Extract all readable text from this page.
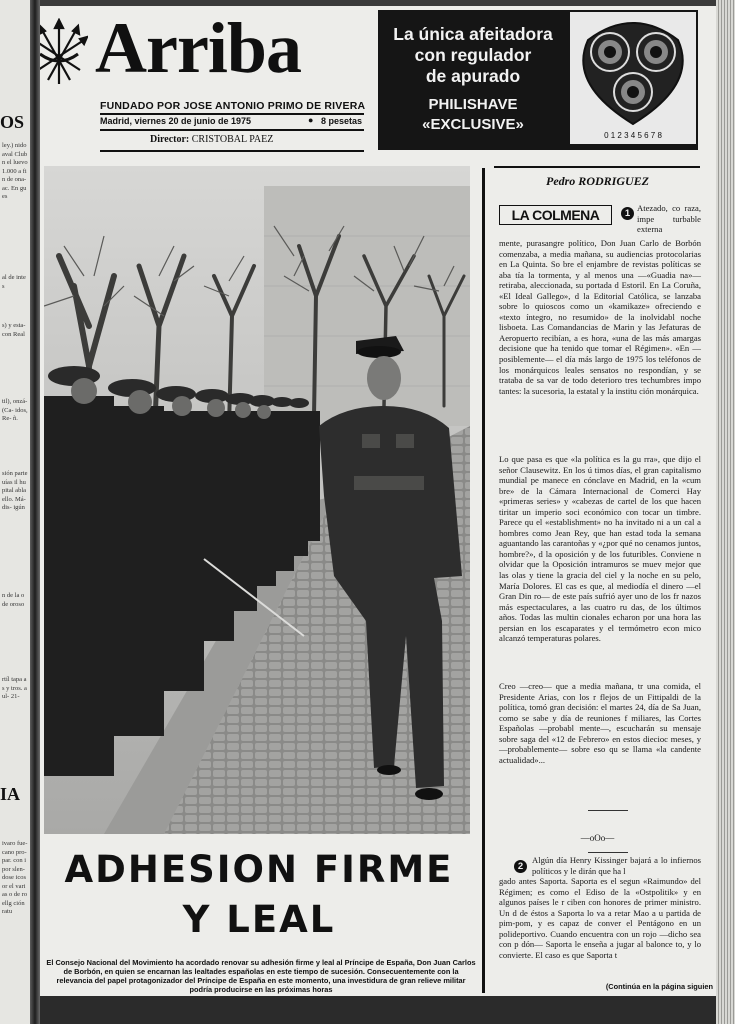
OS
ley.) nido aval Club n el luevo 1.000 a fin de ona- ac. En gues
al de intes
s) y esta- con Real
til), onzá- (Ca- idos, Re- ñ.
sión parte uías il hu pital abla ello. Má- dis- igún
n de la o de oroso
rtíl tapa as y tros. a ul- 21-
IA
ivaro fue- cano pro- par. con i por slen- dose icos or el varias o de ro ellg ción ratu
Arriba
FUNDADO POR JOSE ANTONIO PRIMO DE RIVERA
Madrid, viernes 20 de junio de 1975	● 8 pesetas
Director: CRISTOBAL PAEZ
La única afeitadora
con regulador
de apurado
PHILISHAVE
«EXCLUSIVE»
0 1 2 3 4 5 6 7 8
ADHESION FIRME
Y LEAL
El Consejo Nacional del Movimiento ha acordado renovar su adhesión firme y leal al Príncipe de España, Don Juan Carlos de Borbón, en quien se encarnan las lealtades españolas en este tiempo de sucesión. Consecuentemente con la relevancia del papel protagonizador del Príncipe de España en este momento, una investidura de gran relieve militar podría producirse en las próximas horas
Pedro RODRIGUEZ
LA COLMENA	1 Atezado, co raza, impe turbable externa

mente, purasangre político, Don Juan Carlo de Borbón comenzaba, a media mañana, su audiencias protocolarias en La Quinta. So bre el enjambre de revistas políticas se aba tía la tormenta, y al menos una —«Guadia na»— retiraba, aleccionada, su portada d Estoril. En La Coruña, «El Ideal Gallego», d la Editorial Católica, se lanzaba sobre lo quioscos como un «kamikaze» ofreciendo e «texto íntegro, no resumido» de la inolvidabl noche lisboeta. Las Comandancias de Marin y las Jefaturas de Aeropuerto recibían, a es hora, «una de las más amargas decisione que ha tenido que tomar el Régimen». «En —posiblemente— el día más largo de 1975 los teléfonos de los monárquicos leales sensatos no respondían, y se trataba de sa var de todo deterioro tres techumbres impo tantes: la sucesoria, la estatal y la institu ción monárquica.

Lo que pasa es que «la política es la gu rra», que dijo el señor Clausewitz. En los ú timos días, el gran capitalismo mundial pe manece en cónclave en Madrid, en la «cum bre» de la Cámara Internacional de Comerci Hay «primeras series» y «cabezas de cartel de los que hacen tiritar un imperio soci económico con tocar un timbre. Parece qu el «establishment» no ha invitado ni a un cal a hombres como Jean Rey, que han estad toda la semana aguantando las carantoñas y «¿por qué no cenamos juntos, hombre?», d la oposición y de los futuribles. Conviene n olvidar que la Oposición intramuros se muev mejor que las olas y tiene la gracia del ciel y la noche en su pelo, María Dolores. El cas es que, al mediodía el dinero —el Gran Din ro— de este país sufrió ayer uno de los fr nazos más espectaculares, a las cuatro ru das, de los últimos años. Todas las multin cionales echaron por una hora las persian en los escaparates y el termómetro econ mico alcanzó temperaturas polares.

Creo —creo— que a media mañana, tr una comida, el Presidente Arias, con los r flejos de un Fittipaldi de la política, tomó gran decisión: el martes 24, día de Sa Juan, como se sabe y día de reuniones f miliares, las Cortes Españolas —probabl mente—, escucharán su mensaje sobre saga del «12 de Febrero» en estos diecioc meses, y —probablemente— sobre eso qu se llama «la candente actualidad»...

—oOo—
2

Algún día Henry Kissinger bajará a lo infiernos políticos y le dirán que ha l

gado antes Saporta. Saporta es el segun «Raimundo» del Régimen; es como el Ediso de la «Ostpolitik» y en algunos países le r ciben con honores de primer ministro. Un d de éstos a Saporta lo va a retar Mao a u partida de pim-pom, y es capaz de conver el Pentágono en un polideportivo. Cuando encuentra con un rojo —dicho sea con p dón— Saporta le enseña a jugar al balonce to, y lo convierte. El caso es que Saporta t

(Continúa en la página siguien
